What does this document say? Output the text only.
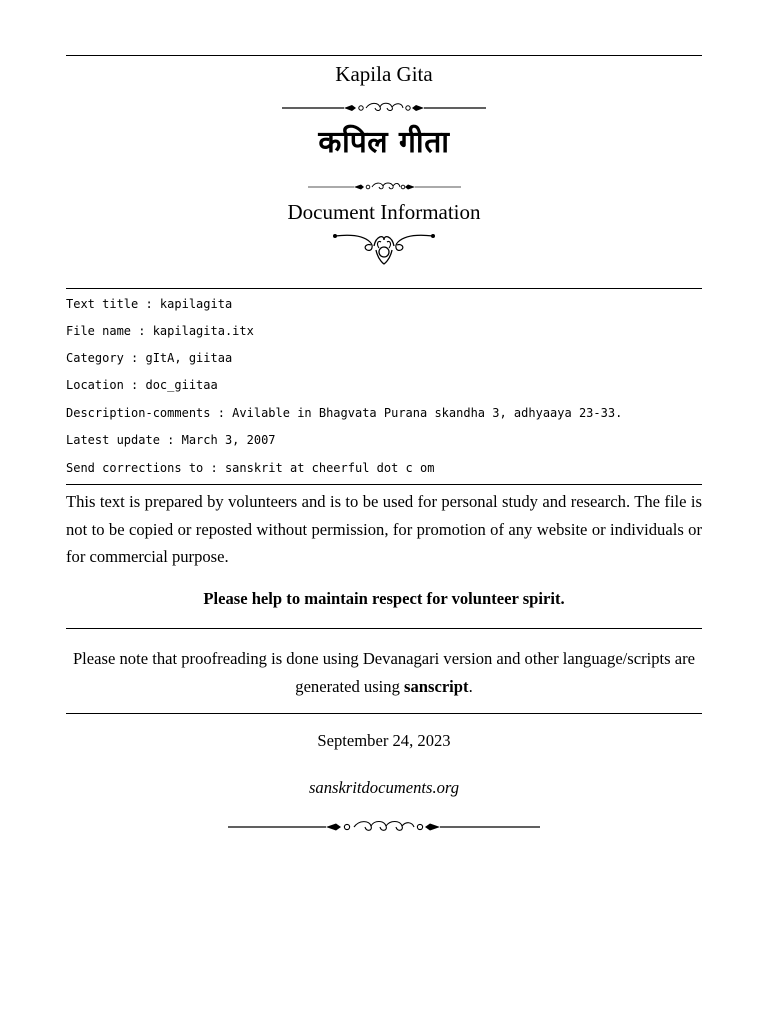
Kapila Gita

कपिल गीता

Document Information

Text title : kapilagita

File name : kapilagita.itx

Category : gItA, giitaa

Location : doc_giitaa

Description-comments : Avilable in Bhagvata Purana skandha 3, adhyaaya 23-33.

Latest update : March 3, 2007

Send corrections to : sanskrit at cheerful dot c om

This text is prepared by volunteers and is to be used for personal study and research. The file is not to be copied or reposted without permission, for promotion of any website or individuals or for commercial purpose.

Please help to maintain respect for volunteer spirit.

Please note that proofreading is done using Devanagari version and other language/scripts are generated using sanscript.

September 24, 2023

sanskritdocuments.org
